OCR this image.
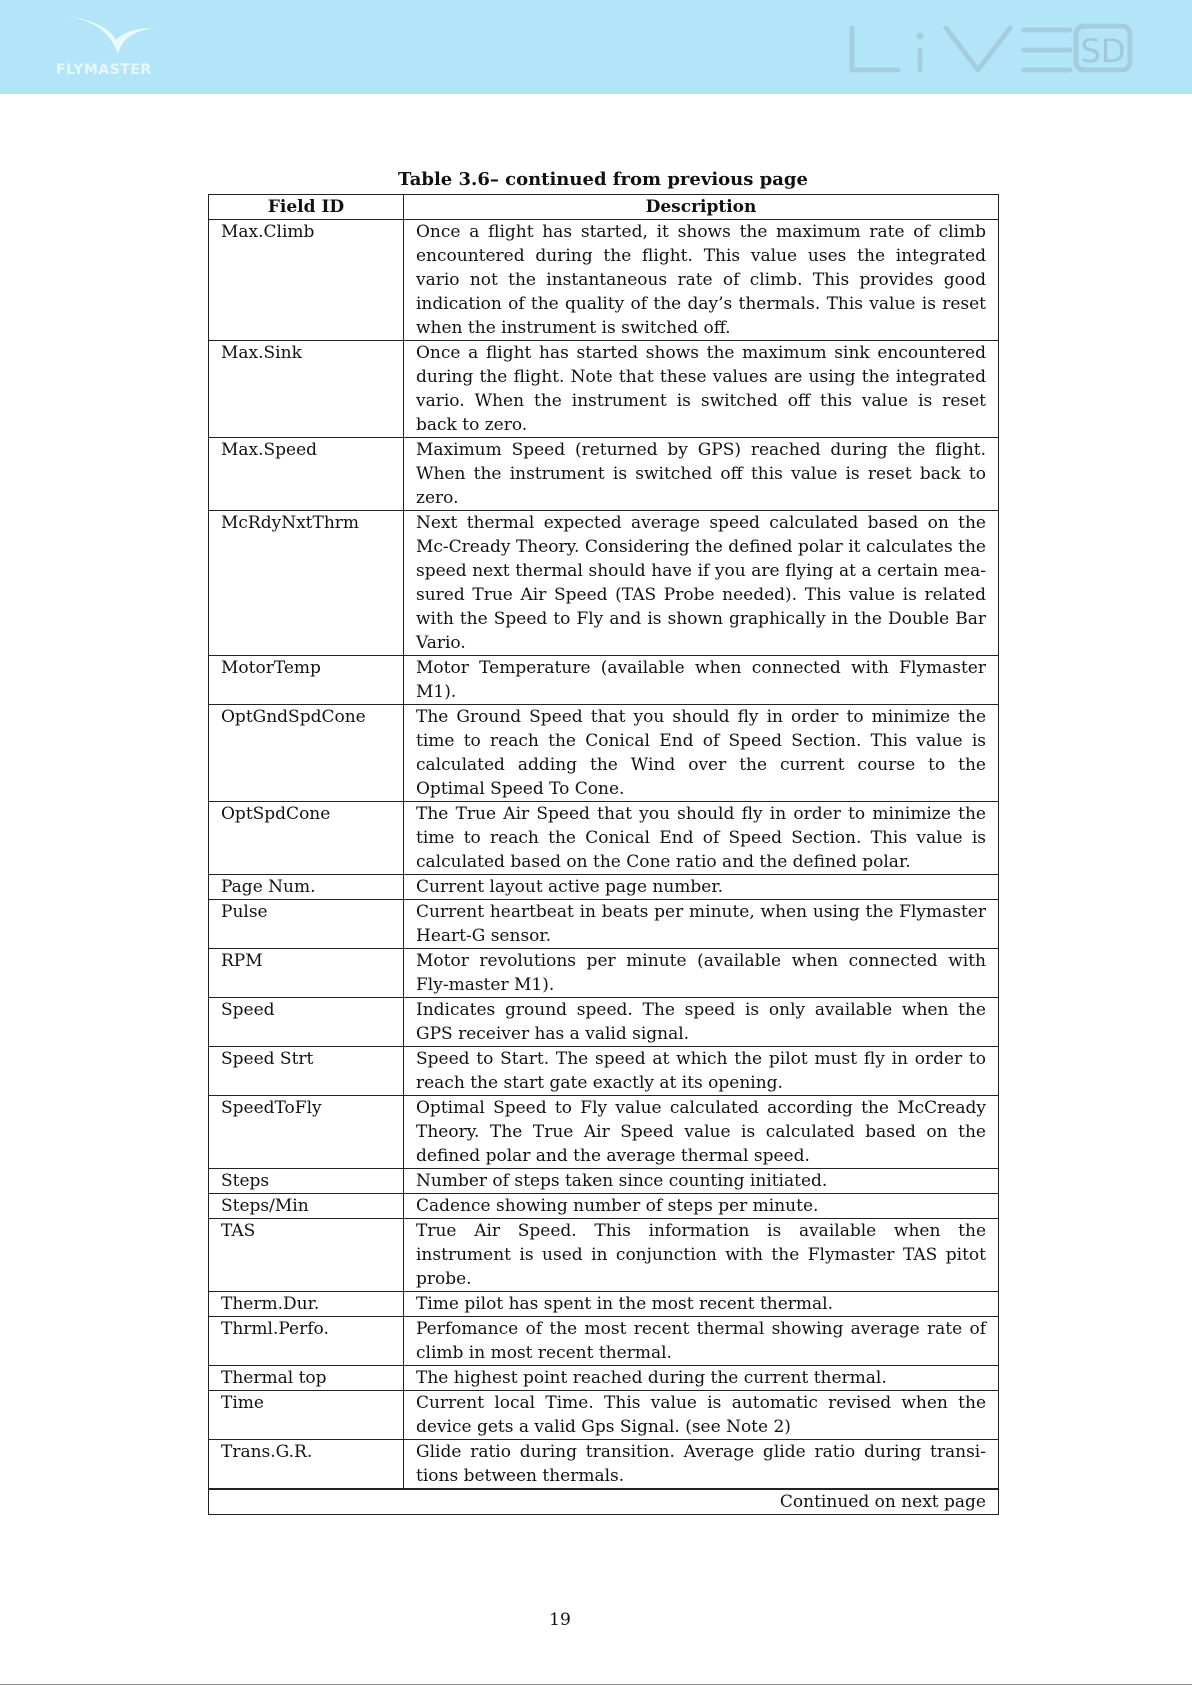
FLYMASTER	SD
Table 3.6– continued from previous page
Field ID	Description
Max.Climb	Once a flight has started, it shows the maximum rate of climb encountered during the flight. This value uses the integrated vario not the instantaneous rate of climb. This provides good indication of the quality of the day’s thermals. This value is reset when the instrument is switched off.
Max.Sink	Once a flight has started shows the maximum sink encountered during the flight. Note that these values are using the integrated vario. When the instrument is switched off this value is reset back to zero.
Max.Speed	Maximum Speed (returned by GPS) reached during the flight. When the instrument is switched off this value is reset back to zero.
McRdyNxtThrm	Next thermal expected average speed calculated based on the Mc-Cready Theory. Considering the defined polar it calculates the speed next thermal should have if you are flying at a certain mea-sured True Air Speed (TAS Probe needed). This value is related with the Speed to Fly and is shown graphically in the Double Bar Vario.
MotorTemp	Motor Temperature (available when connected with Flymaster M1).
OptGndSpdCone	The Ground Speed that you should fly in order to minimize the time to reach the Conical End of Speed Section. This value is calculated adding the Wind over the current course to the Optimal Speed To Cone.
OptSpdCone	The True Air Speed that you should fly in order to minimize the time to reach the Conical End of Speed Section. This value is calculated based on the Cone ratio and the defined polar.
Page Num.	Current layout active page number.
Pulse	Current heartbeat in beats per minute, when using the Flymaster Heart-G sensor.
RPM	Motor revolutions per minute (available when connected with Fly-master M1).
Speed	Indicates ground speed. The speed is only available when the GPS receiver has a valid signal.
Speed Strt	Speed to Start. The speed at which the pilot must fly in order to reach the start gate exactly at its opening.
SpeedToFly	Optimal Speed to Fly value calculated according the McCready Theory. The True Air Speed value is calculated based on the defined polar and the average thermal speed.
Steps	Number of steps taken since counting initiated.
Steps/Min	Cadence showing number of steps per minute.
TAS	True Air Speed. This information is available when the instrument is used in conjunction with the Flymaster TAS pitot probe.
Therm.Dur.	Time pilot has spent in the most recent thermal.
Thrml.Perfo.	Perfomance of the most recent thermal showing average rate of climb in most recent thermal.
Thermal top	The highest point reached during the current thermal.
Time	Current local Time. This value is automatic revised when the device gets a valid Gps Signal. (see Note 2)
Trans.G.R.	Glide ratio during transition. Average glide ratio during transi-tions between thermals.
Continued on next page	
19
